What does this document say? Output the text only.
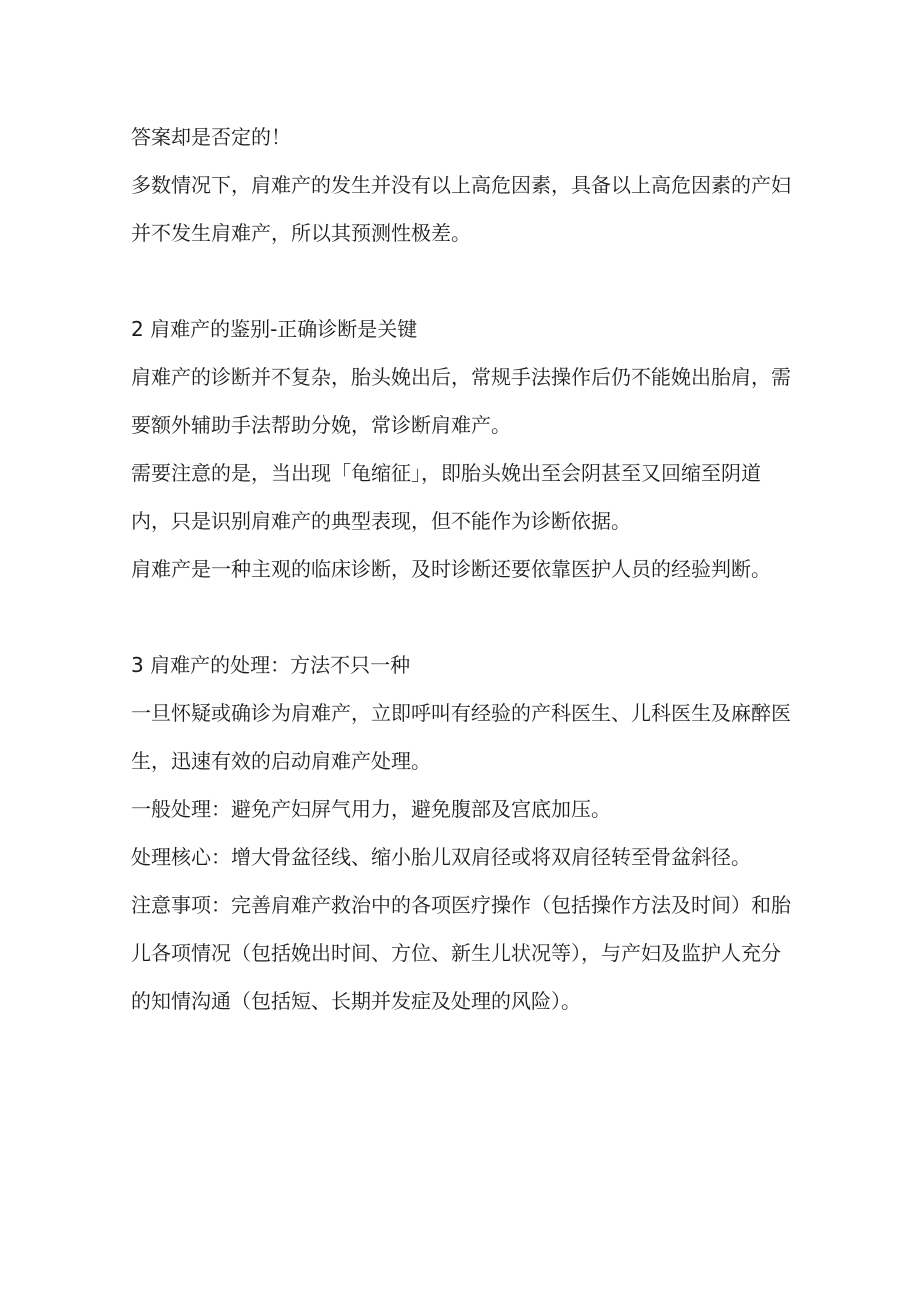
答案却是否定的！

多数情况下，肩难产的发生并没有以上高危因素，具备以上高危因素的产妇并不发生肩难产，所以其预测性极差。

2 肩难产的鉴别-正确诊断是关键

肩难产的诊断并不复杂，胎头娩出后，常规手法操作后仍不能娩出胎肩，需要额外辅助手法帮助分娩，常诊断肩难产。

需要注意的是，当出现「龟缩征」，即胎头娩出至会阴甚至又回缩至阴道内，只是识别肩难产的典型表现，但不能作为诊断依据。

肩难产是一种主观的临床诊断，及时诊断还要依靠医护人员的经验判断。

3 肩难产的处理：方法不只一种

一旦怀疑或确诊为肩难产，立即呼叫有经验的产科医生、儿科医生及麻醉医生，迅速有效的启动肩难产处理。

一般处理：避免产妇屏气用力，避免腹部及宫底加压。

处理核心：增大骨盆径线、缩小胎儿双肩径或将双肩径转至骨盆斜径。

注意事项：完善肩难产救治中的各项医疗操作（包括操作方法及时间）和胎儿各项情况（包括娩出时间、方位、新生儿状况等），与产妇及监护人充分的知情沟通（包括短、长期并发症及处理的风险）。
